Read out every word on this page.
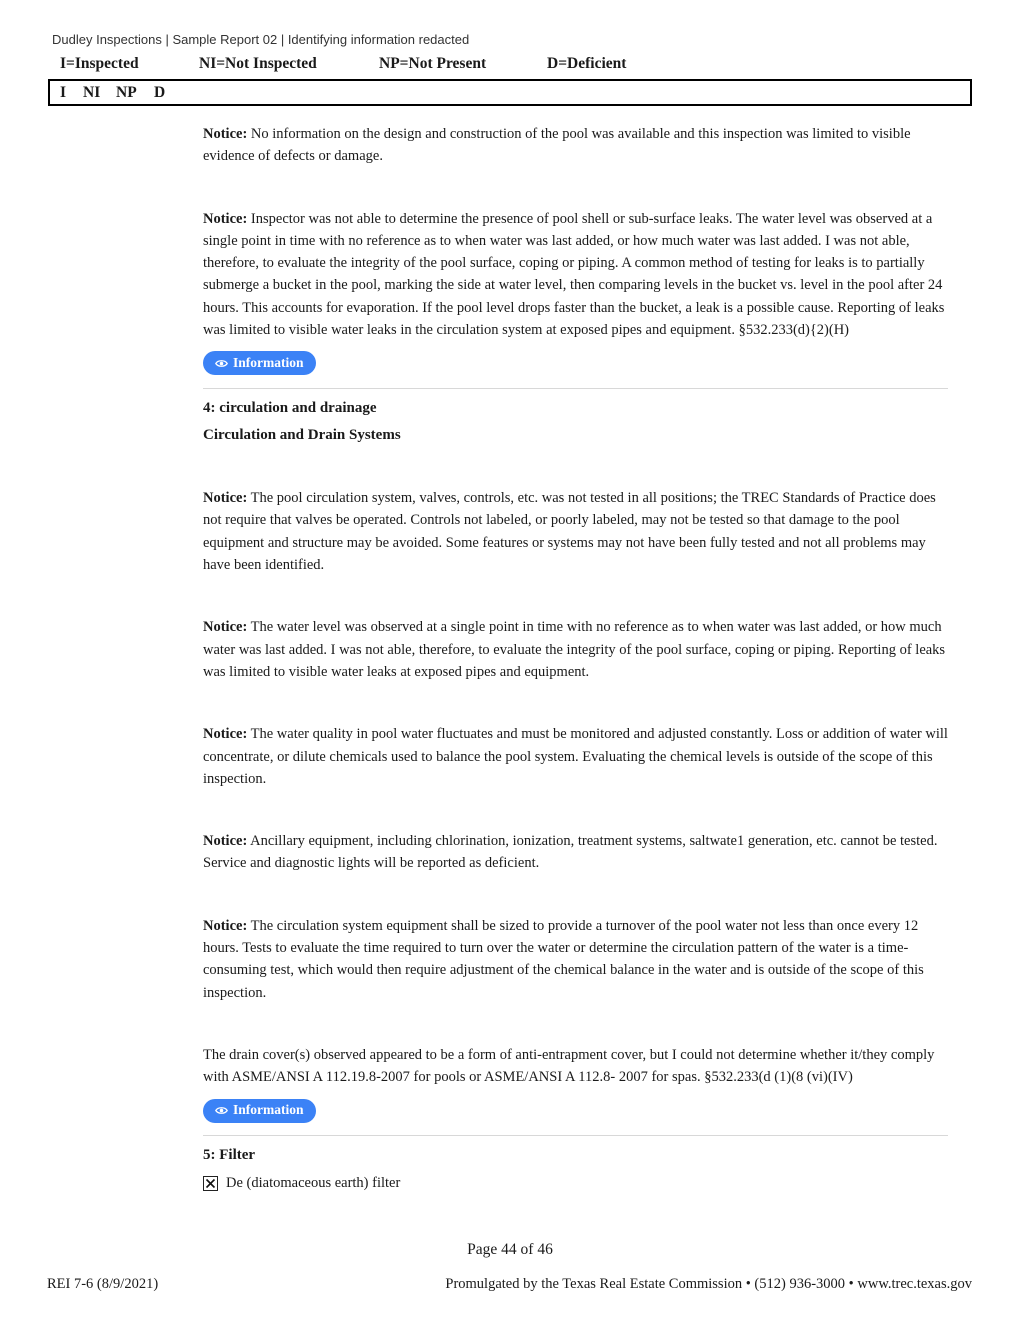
Dudley Inspections | Sample Report 02 | Identifying information redacted
I=Inspected	NI=Not Inspected	NP=Not Present	D=Deficient
I NI NP D

Notice: No information on the design and construction of the pool was available and this inspection was limited to visible evidence of defects or damage.

Notice: Inspector was not able to determine the presence of pool shell or sub-surface leaks. The water level was observed at a single point in time with no reference as to when water was last added, or how much water was last added. I was not able, therefore, to evaluate the integrity of the pool surface, coping or piping. A common method of testing for leaks is to partially submerge a bucket in the pool, marking the side at water level, then comparing levels in the bucket vs. level in the pool after 24 hours. This accounts for evaporation. If the pool level drops faster than the bucket, a leak is a possible cause. Reporting of leaks was limited to visible water leaks in the circulation system at exposed pipes and equipment. §532.233(d){2)(H)

Information
4: circulation and drainage
Circulation and Drain Systems

Notice: The pool circulation system, valves, controls, etc. was not tested in all positions; the TREC Standards of Practice does not require that valves be operated. Controls not labeled, or poorly labeled, may not be tested so that damage to the pool equipment and structure may be avoided. Some features or systems may not have been fully tested and not all problems may have been identified.

Notice: The water level was observed at a single point in time with no reference as to when water was last added, or how much water was last added. I was not able, therefore, to evaluate the integrity of the pool surface, coping or piping. Reporting of leaks was limited to visible water leaks at exposed pipes and equipment.

Notice: The water quality in pool water fluctuates and must be monitored and adjusted constantly. Loss or addition of water will concentrate, or dilute chemicals used to balance the pool system. Evaluating the chemical levels is outside of the scope of this inspection.

Notice: Ancillary equipment, including chlorination, ionization, treatment systems, saltwate1 generation, etc. cannot be tested. Service and diagnostic lights will be reported as deficient.

Notice: The circulation system equipment shall be sized to provide a turnover of the pool water not less than once every 12 hours. Tests to evaluate the time required to turn over the water or determine the circulation pattern of the water is a time-consuming test, which would then require adjustment of the chemical balance in the water and is outside of the scope of this inspection.

The drain cover(s) observed appeared to be a form of anti-entrapment cover, but I could not determine whether it/they comply with ASME/ANSI A 112.19.8-2007 for pools or ASME/ANSI A 112.8- 2007 for spas. §532.233(d (1)(8 (vi)(IV)

Information
5: Filter
De (diatomaceous earth) filter
Page 44 of 46
REI 7-6 (8/9/2021)	Promulgated by the Texas Real Estate Commission • (512) 936-3000 • www.trec.texas.gov
